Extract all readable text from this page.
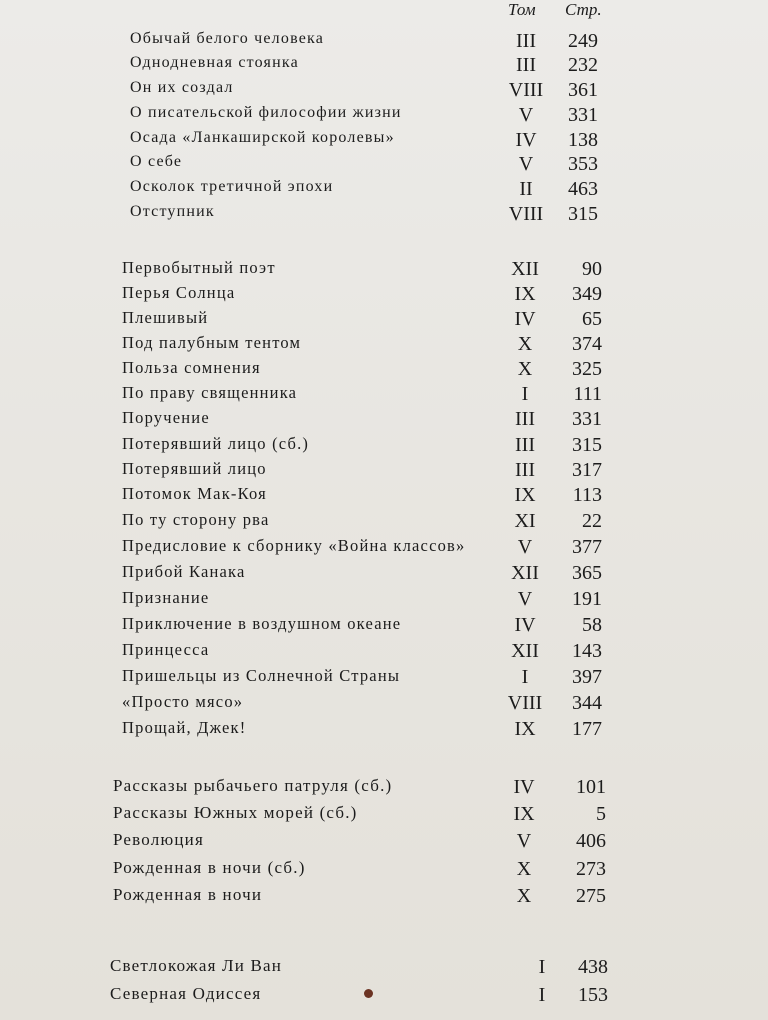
Том Стр.
Обычай белого человека	III	249
Однодневная стоянка	III	232
Он их создал	VIII	361
О писательской философии жизни	V	331
Осада «Ланкаширской королевы»	IV	138
О себе	V	353
Осколок третичной эпохи	II	463
Отступник	VIII	315
Первобытный поэт	XII	90
Перья Солнца	IX	349
Плешивый	IV	65
Под палубным тентом	X	374
Польза сомнения	X	325
По праву священника	I	111
Поручение	III	331
Потерявший лицо (сб.)	III	315
Потерявший лицо	III	317
Потомок Мак-Коя	IX	113
По ту сторону рва	XI	22
Предисловие к сборнику «Война классов»	V	377
Прибой Канака	XII	365
Признание	V	191
Приключение в воздушном океане	IV	58
Принцесса	XII	143
Пришельцы из Солнечной Страны	I	397
«Просто мясо»	VIII	344
Прощай, Джек!	IX	177
Рассказы рыбачьего патруля (сб.)	IV	101
Рассказы Южных морей (сб.)	IX	5
Революция	V	406
Рожденная в ночи (сб.)	X	273
Рожденная в ночи	X	275
Светлокожая Ли Ван	I	438
Северная Одиссея	I	153
